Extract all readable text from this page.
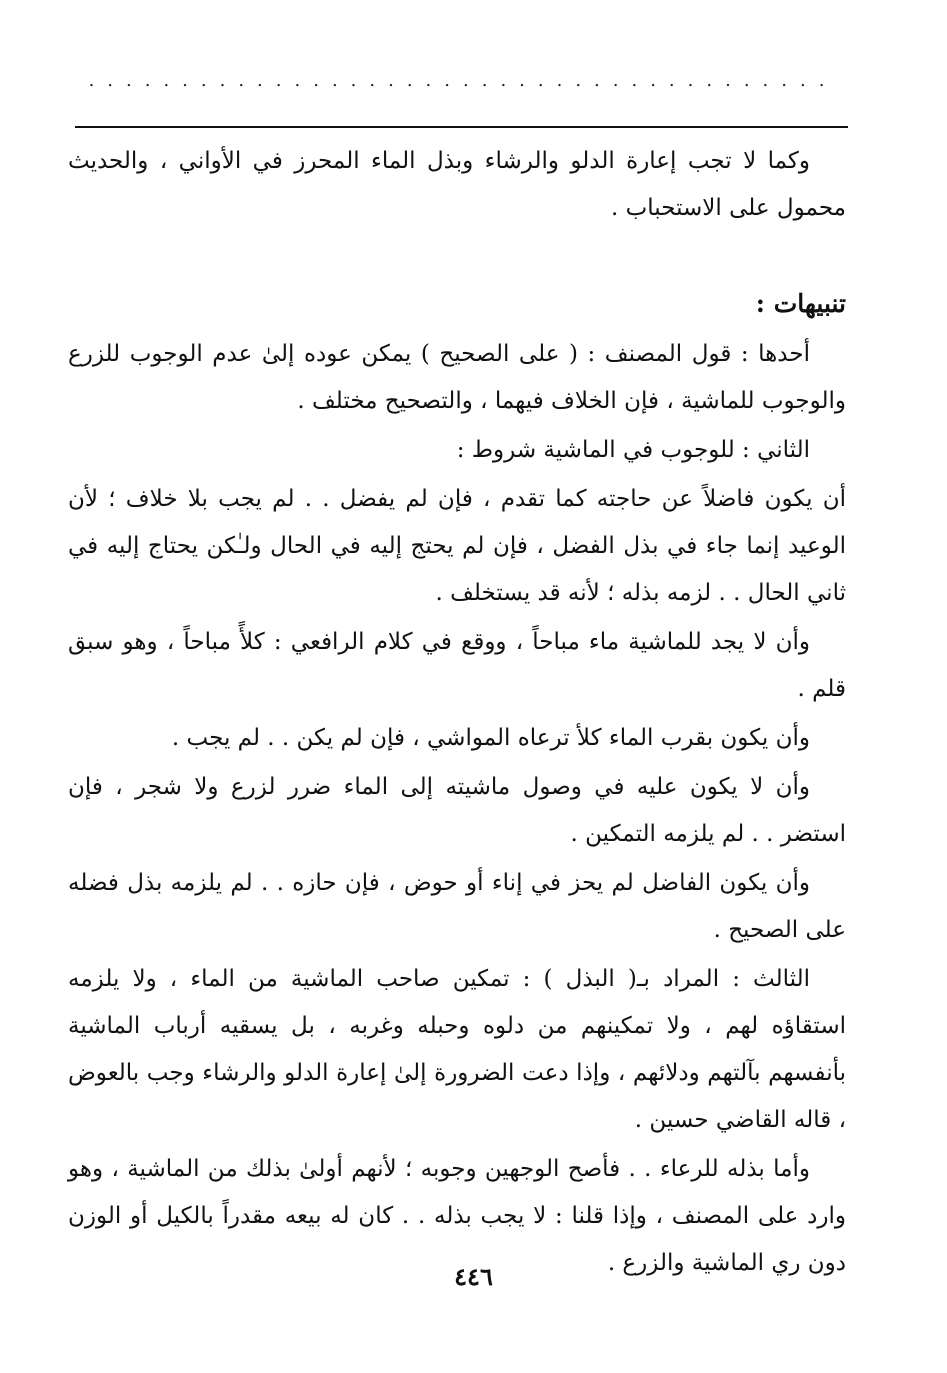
........................................

وكما لا تجب إعارة الدلو والرشاء وبذل الماء المحرز في الأواني ، والحديث محمول على الاستحباب .

تنبيهات :

أحدها : قول المصنف : ( على الصحيح ) يمكن عوده إلىٰ عدم الوجوب للزرع والوجوب للماشية ، فإن الخلاف فيهما ، والتصحيح مختلف .

الثاني : للوجوب في الماشية شروط :

أن يكون فاضلاً عن حاجته كما تقدم ، فإن لم يفضل . . لم يجب بلا خلاف ؛ لأن الوعيد إنما جاء في بذل الفضل ، فإن لم يحتج إليه في الحال ولـٰكن يحتاج إليه في ثاني الحال . . لزمه بذله ؛ لأنه قد يستخلف .

وأن لا يجد للماشية ماء مباحاً ، ووقع في كلام الرافعي : كلأً مباحاً ، وهو سبق قلم .

وأن يكون بقرب الماء كلأ ترعاه المواشي ، فإن لم يكن . . لم يجب .

وأن لا يكون عليه في وصول ماشيته إلى الماء ضرر لزرع ولا شجر ، فإن استضر . . لم يلزمه التمكين .

وأن يكون الفاضل لم يحز في إناء أو حوض ، فإن حازه . . لم يلزمه بذل فضله على الصحيح .

الثالث : المراد بـ( البذل ) : تمكين صاحب الماشية من الماء ، ولا يلزمه استقاؤه لهم ، ولا تمكينهم من دلوه وحبله وغربه ، بل يسقيه أرباب الماشية بأنفسهم بآلتهم ودلائهم ، وإذا دعت الضرورة إلىٰ إعارة الدلو والرشاء وجب بالعوض ، قاله القاضي حسين .

وأما بذله للرعاء . . فأصح الوجهين وجوبه ؛ لأنهم أولىٰ بذلك من الماشية ، وهو وارد على المصنف ، وإذا قلنا : لا يجب بذله . . كان له بيعه مقدراً بالكيل أو الوزن دون ري الماشية والزرع .

٤٤٦
